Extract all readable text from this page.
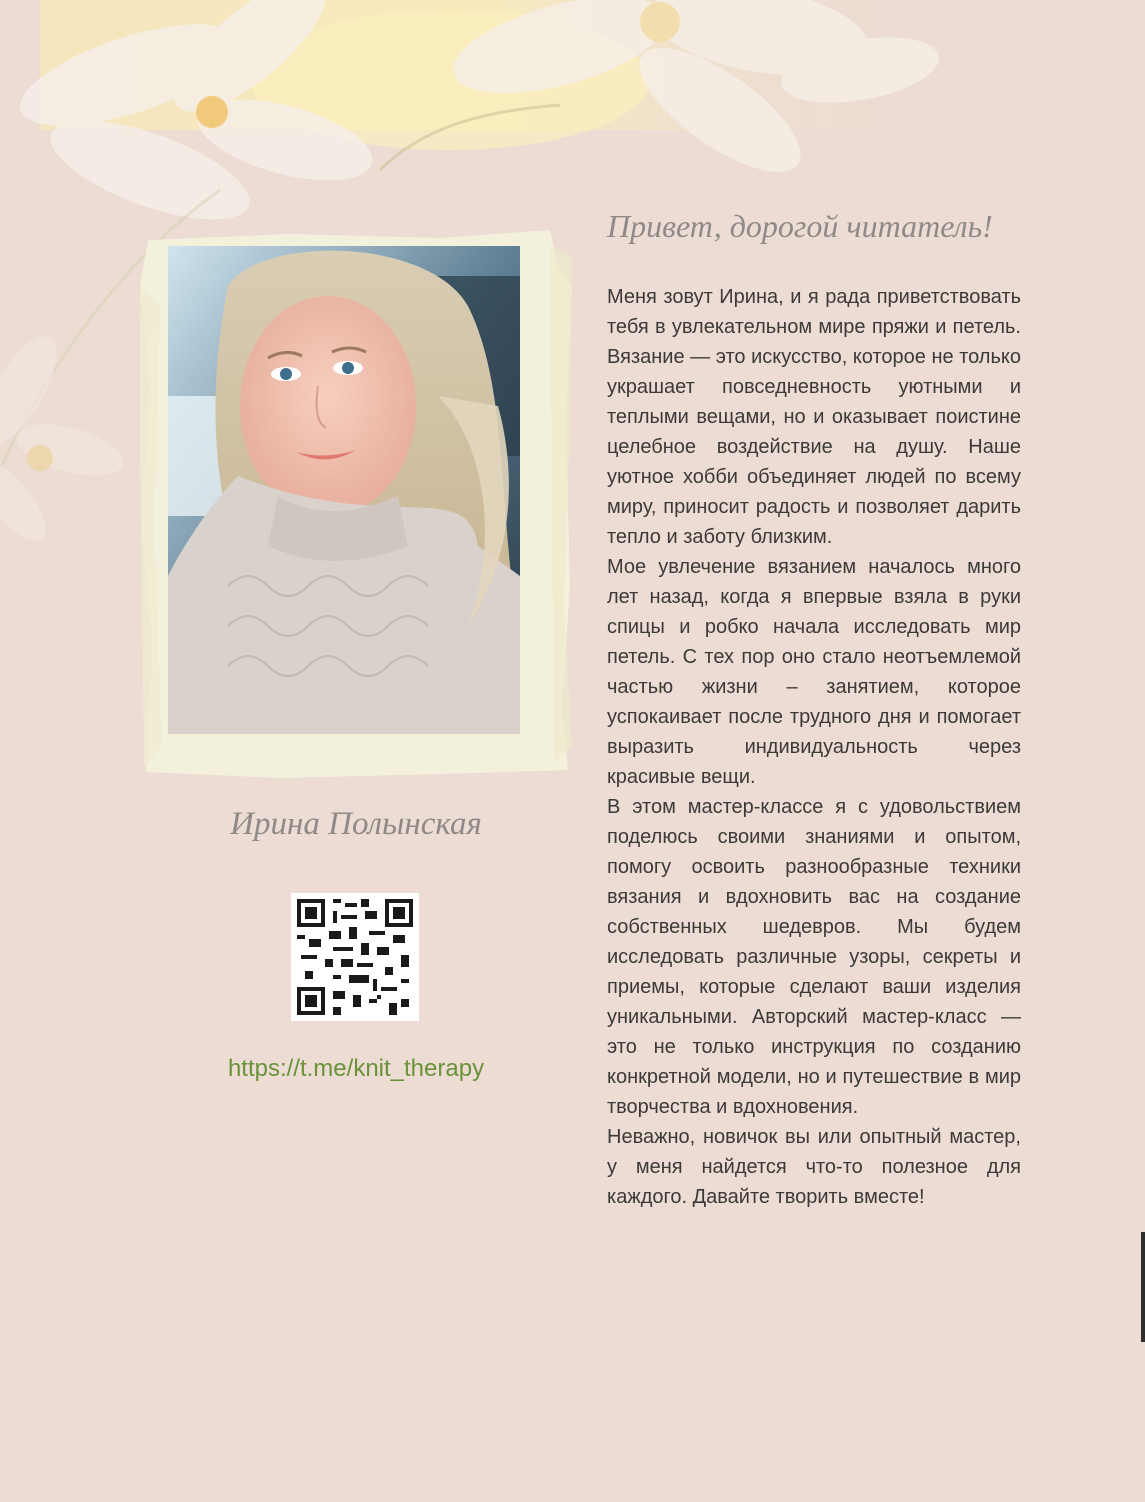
Ирина Полынская
https://t.me/knit_therapy
Привет, дорогой читатель!

Меня зовут Ирина, и я рада приветствовать тебя в увлекательном мире пряжи и петель. Вязание — это искусство, которое не только украшает повседневность уютными и теплыми вещами, но и оказывает поистине целебное воздействие на душу. Наше уютное хобби объединяет людей по всему миру, приносит радость и позволяет дарить тепло и заботу близким.

Мое увлечение вязанием началось много лет назад, когда я впервые взяла в руки спицы и робко начала исследовать мир петель. С тех пор оно стало неотъемлемой частью жизни – занятием, которое успокаивает после трудного дня и помогает выразить индивидуальность через красивые вещи.

В этом мастер-классе я с удовольствием поделюсь своими знаниями и опытом, помогу освоить разнообразные техники вязания и вдохновить вас на создание собственных шедевров. Мы будем исследовать различные узоры, секреты и приемы, которые сделают ваши изделия уникальными. Авторский мастер-класс — это не только инструкция по созданию конкретной модели, но и путешествие в мир творчества и вдохновения.

Неважно, новичок вы или опытный мастер, у меня найдется что-то полезное для каждого. Давайте творить вместе!
